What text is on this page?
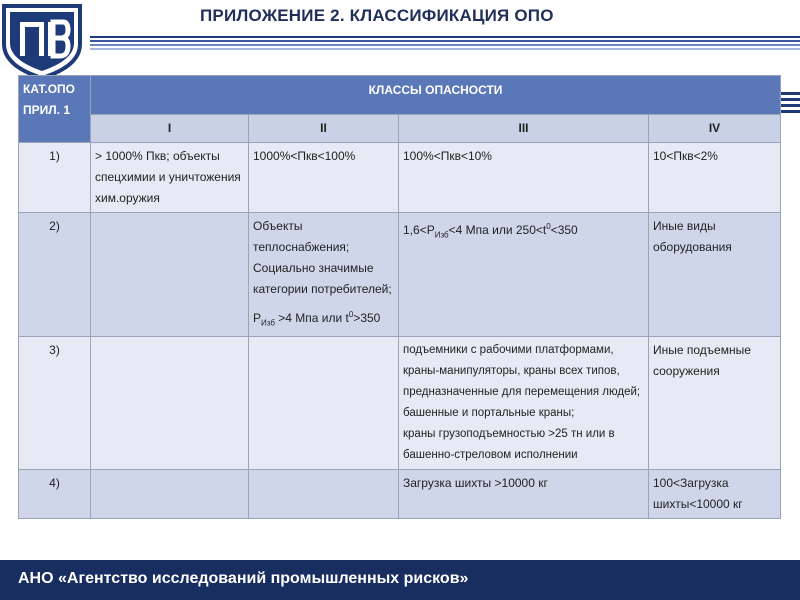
ПРИЛОЖЕНИЕ 2. КЛАССИФИКАЦИЯ ОПО
КАТ.ОПО ПРИЛ. 1	КЛАССЫ ОПАСНОСТИ			
	I	II	III	IV
1)	> 1000% Пкв; объекты спецхимии и уничтожения хим.оружия	1000%<Пкв<100%	100%<Пкв<10%	10<Пкв<2%
2)		Объекты теплоснабжения;
Социально значимые категории потребителей;
$P_{Изб} >4$ Мпа или $t^0>350$	$1,6<P_{Изб}<4$ Мпа или $250<t^0<350$	Иные виды оборудования
3)			подъемники с рабочими платформами,
краны-манипуляторы, краны всех типов, предназначенные для перемещения людей;
башенные и портальные краны;
краны грузоподъемностью >25 тн или в башенно-стреловом исполнении	Иные подъемные сооружения
4)			Загрузка шихты >10000 кг	100<Загрузка шихты<10000 кг
АНО «Агентство исследований промышленных рисков»
